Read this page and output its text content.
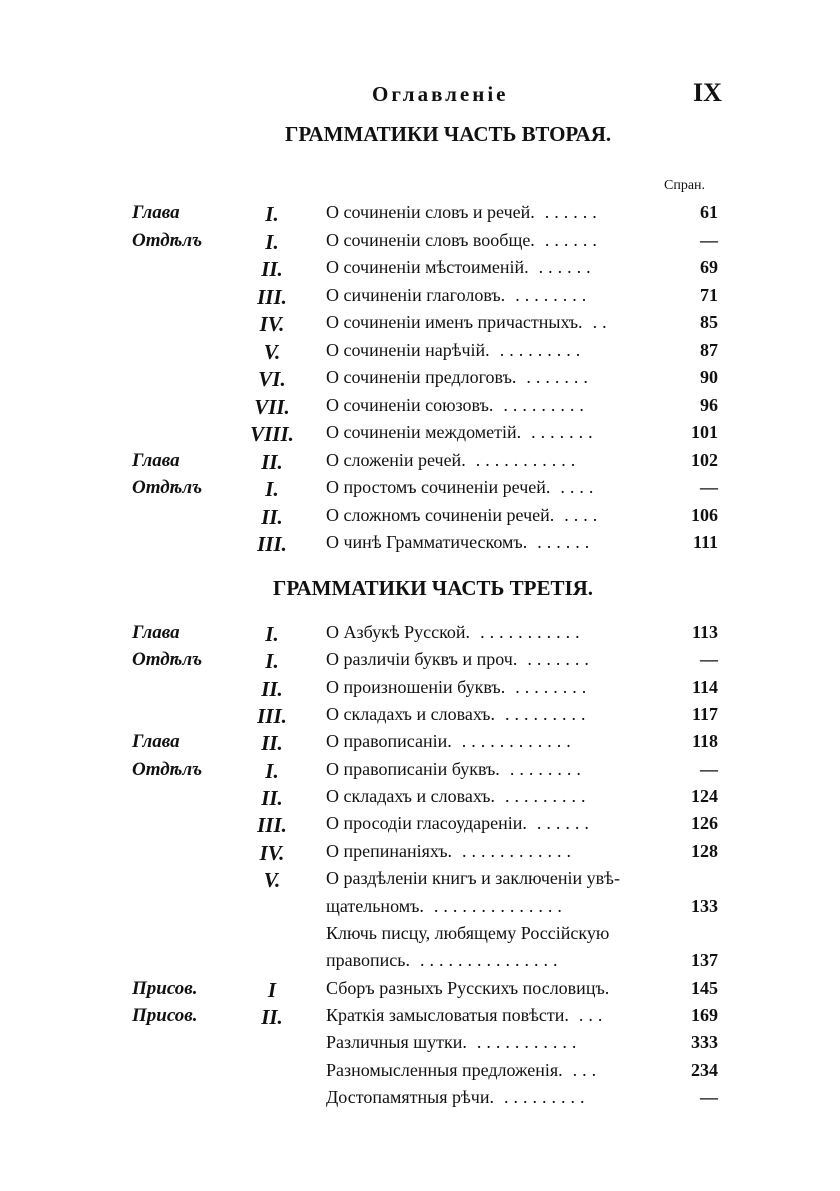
Оглавленіе	IX
ГРАММАТИКИ ЧАСТЬ ВТОРАЯ.
Спран.
Глава	I.	О сочиненіи словъ и речей. ......	61
Отдѣлъ	I.	О сочиненіи словъ вообще. ......	—
II.	О сочиненіи мѣстоименій. ......	69
III.	О сичиненіи глаголовъ. ........	71
IV.	О сочиненіи именъ причастныхъ. ..	85
V.	О сочиненіи нарѣчій. .........	87
VI.	О сочиненіи предлоговъ. .......	90
VII.	О сочиненіи союзовъ. .........	96
VIII.	О сочиненіи междометій. .......	101
Глава	II.	О сложеніи речей. ...........	102
Отдѣлъ	I.	О простомъ сочиненіи речей. ....	—
II.	О сложномъ сочиненіи речей. ....	106
III.	О чинѣ Грамматическомъ. ......	111
ГРАММАТИКИ ЧАСТЬ ТРЕТІЯ.
Глава	I.	О Азбукѣ Русской. ...........	113
Отдѣлъ	I.	О различіи буквъ и проч. .......	—
II.	О произношеніи буквъ. ........	114
III.	О складахъ и словахъ. .........	117
Глава	II.	О правописаніи. ............	118
Отдѣлъ	I.	О правописаніи буквъ. ........	—
II.	О складахъ и словахъ. .........	124
III.	О просодіи гласоудареніи. ......	126
IV.	О препинаніяхъ. ............	128
V.	О раздѣленіи книгъ и заключеніи увѣ-
щательномъ. ..............	133
Ключь писцу, любящему Россійскую
правопись. ...............	137
Присов.	I	Сборъ разныхъ Русскихъ пословицъ.	145
Присов.	II.	Краткія замысловатыя повѣсти. ...	169
Различныя шутки. ...........	333
Разномысленныя предложенія. ...	234
Достопамятныя рѣчи. .........	—
